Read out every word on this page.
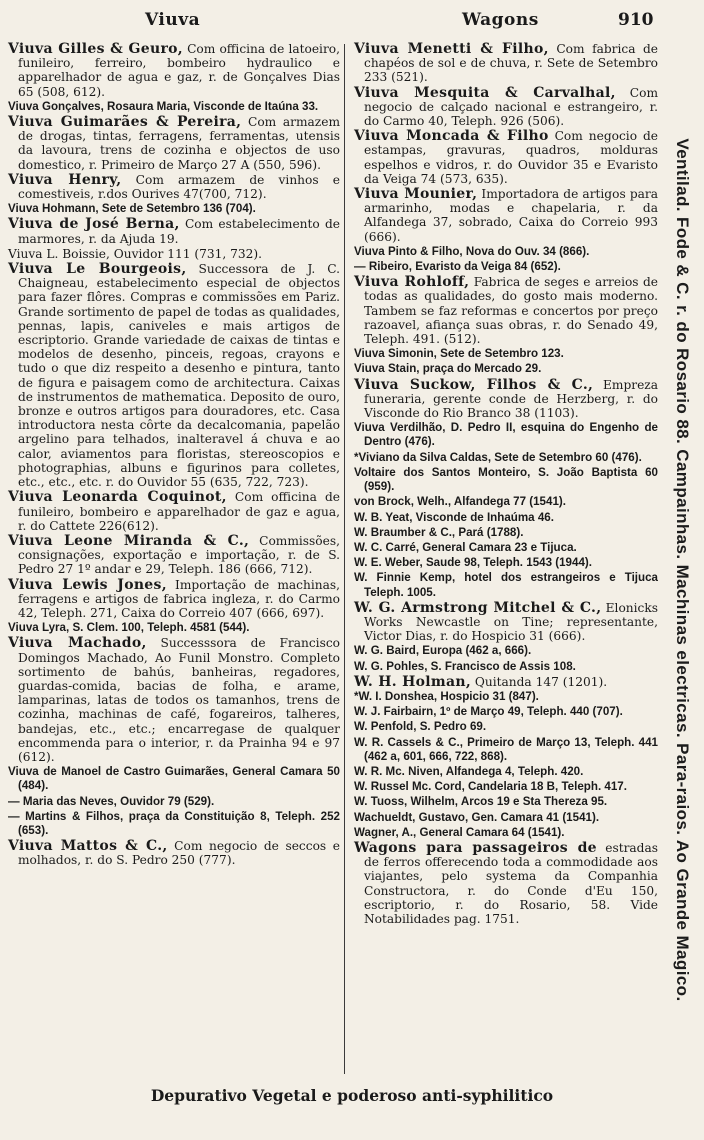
Viuva	Wagons	910
Viuva Gilles & Geuro, Com officina de latoeiro, funileiro, ferreiro, bombeiro hydraulico e apparelhador de agua e gaz, r. de Gonçalves Dias 65 (508, 612).
Viuva Gonçalves, Rosaura Maria, Visconde de Itaúna 33.
Viuva Guimarães & Pereira, Com armazem de drogas, tintas, ferragens, ferramentas, utensis da lavoura, trens de cozinha e objectos de uso domestico, r. Primeiro de Março 27 A (550, 596).
Viuva Henry, Com armazem de vinhos e comestiveis, r.dos Ourives 47(700, 712).
Viuva Hohmann, Sete de Setembro 136 (704).
Viuva de José Berna, Com estabelecimento de marmores, r. da Ajuda 19.
Viuva L. Boissie, Ouvidor 111 (731, 732).
Viuva Le Bourgeois, Successora de J. C. Chaigneau, estabelecimento especial de objectos para fazer flôres. Compras e commissões em Pariz. Grande sortimento de papel de todas as qualidades, pennas, lapis, caniveles e mais artigos de escriptorio. Grande variedade de caixas de tintas e modelos de desenho, pinceis, regoas, crayons e tudo o que diz respeito a desenho e pintura, tanto de figura e paisagem como de architectura. Caixas de instrumentos de mathematica. Deposito de ouro, bronze e outros artigos para douradores, etc. Casa introductora nesta côrte da decalcomania, papelão argelino para telhados, inalteravel á chuva e ao calor, aviamentos para floristas, stereoscopios e photographias, albuns e figurinos para colletes, etc., etc., etc. r. do Ouvidor 55 (635, 722, 723).
Viuva Leonarda Coquinot, Com officina de funileiro, bombeiro e apparelhador de gaz e agua, r. do Cattete 226(612).
Viuva Leone Miranda & C., Commissões, consignações, exportação e importação, r. de S. Pedro 27 1º andar e 29, Teleph. 186 (666, 712).
Viuva Lewis Jones, Importação de machinas, ferragens e artigos de fabrica ingleza, r. do Carmo 42, Teleph. 271, Caixa do Correio 407 (666, 697).
Viuva Lyra, S. Clem. 100, Teleph. 4581 (544).
Viuva Machado, Successsora de Francisco Domingos Machado, Ao Funil Monstro. Completo sortimento de bahús, banheiras, regadores, guardas-comida, bacias de folha, e arame, lamparinas, latas de todos os tamanhos, trens de cozinha, machinas de café, fogareiros, talheres, bandejas, etc., etc.; encarregase de qualquer encommenda para o interior, r. da Prainha 94 e 97 (612).
Viuva de Manoel de Castro Guimarães, General Camara 50 (484).
— Maria das Neves, Ouvidor 79 (529).
— Martins & Filhos, praça da Constituição 8, Teleph. 252 (653).
Viuva Mattos & C., Com negocio de seccos e molhados, r. do S. Pedro 250 (777).
Viuva Menetti & Filho, Com fabrica de chapéos de sol e de chuva, r. Sete de Setembro 233 (521).
Viuva Mesquita & Carvalhal, Com negocio de calçado nacional e estrangeiro, r. do Carmo 40, Teleph. 926 (506).
Viuva Moncada & Filho Com negocio de estampas, gravuras, quadros, molduras espelhos e vidros, r. do Ouvidor 35 e Evaristo da Veiga 74 (573, 635).
Viuva Mounier, Importadora de artigos para armarinho, modas e chapelaria, r. da Alfandega 37, sobrado, Caixa do Correio 993 (666).
Viuva Pinto & Filho, Nova do Ouv. 34 (866).
— Ribeiro, Evaristo da Veiga 84 (652).
Viuva Rohloff, Fabrica de seges e arreios de todas as qualidades, do gosto mais moderno. Tambem se faz reformas e concertos por preço razoavel, afiança suas obras, r. do Senado 49, Teleph. 491. (512).
Viuva Simonin, Sete de Setembro 123.
Viuva Stain, praça do Mercado 29.
Viuva Suckow, Filhos & C., Empreza funeraria, gerente conde de Herzberg, r. do Visconde do Rio Branco 38 (1103).
Viuva Verdilhão, D. Pedro II, esquina do Engenho de Dentro (476).
*Viviano da Silva Caldas, Sete de Setembro 60 (476).
Voltaire dos Santos Monteiro, S. João Baptista 60 (959).
von Brock, Welh., Alfandega 77 (1541).
W. B. Yeat, Visconde de Inhaúma 46.
W. Braumber & C., Pará (1788).
W. C. Carré, General Camara 23 e Tijuca.
W. E. Weber, Saude 98, Teleph. 1543 (1944).
W. Finnie Kemp, hotel dos estrangeiros e Tijuca Teleph. 1005.
W. G. Armstrong Mitchel & C., Elonicks Works Newcastle on Tine; representante, Victor Dias, r. do Hospicio 31 (666).
W. G. Baird, Europa (462 a, 666).
W. G. Pohles, S. Francisco de Assis 108.
W. H. Holman, Quitanda 147 (1201).
*W. I. Donshea, Hospicio 31 (847).
W. J. Fairbairn, 1º de Março 49, Teleph. 440 (707).
W. Penfold, S. Pedro 69.
W. R. Cassels & C., Primeiro de Março 13, Teleph. 441 (462 a, 601, 666, 722, 868).
W. R. Mc. Niven, Alfandega 4, Teleph. 420.
W. Russel Mc. Cord, Candelaria 18 B, Teleph. 417.
W. Tuoss, Wilhelm, Arcos 19 e Sta Thereza 95.
Wachueldt, Gustavo, Gen. Camara 41 (1541).
Wagner, A., General Camara 64 (1541).
Wagons para passageiros de estradas de ferros offerecendo toda a commodidade aos viajantes, pelo systema da Companhia Constructora, r. do Conde d'Eu 150, escriptorio, r. do Rosario, 58. Vide Notabilidades pag. 1751.	Ventilad. Fode & C. r. do Rosario 88. Campainhas. Machinas electricas. Para-raios. Ao Grande Magico.
Depurativo Vegetal e poderoso anti-syphilitico
